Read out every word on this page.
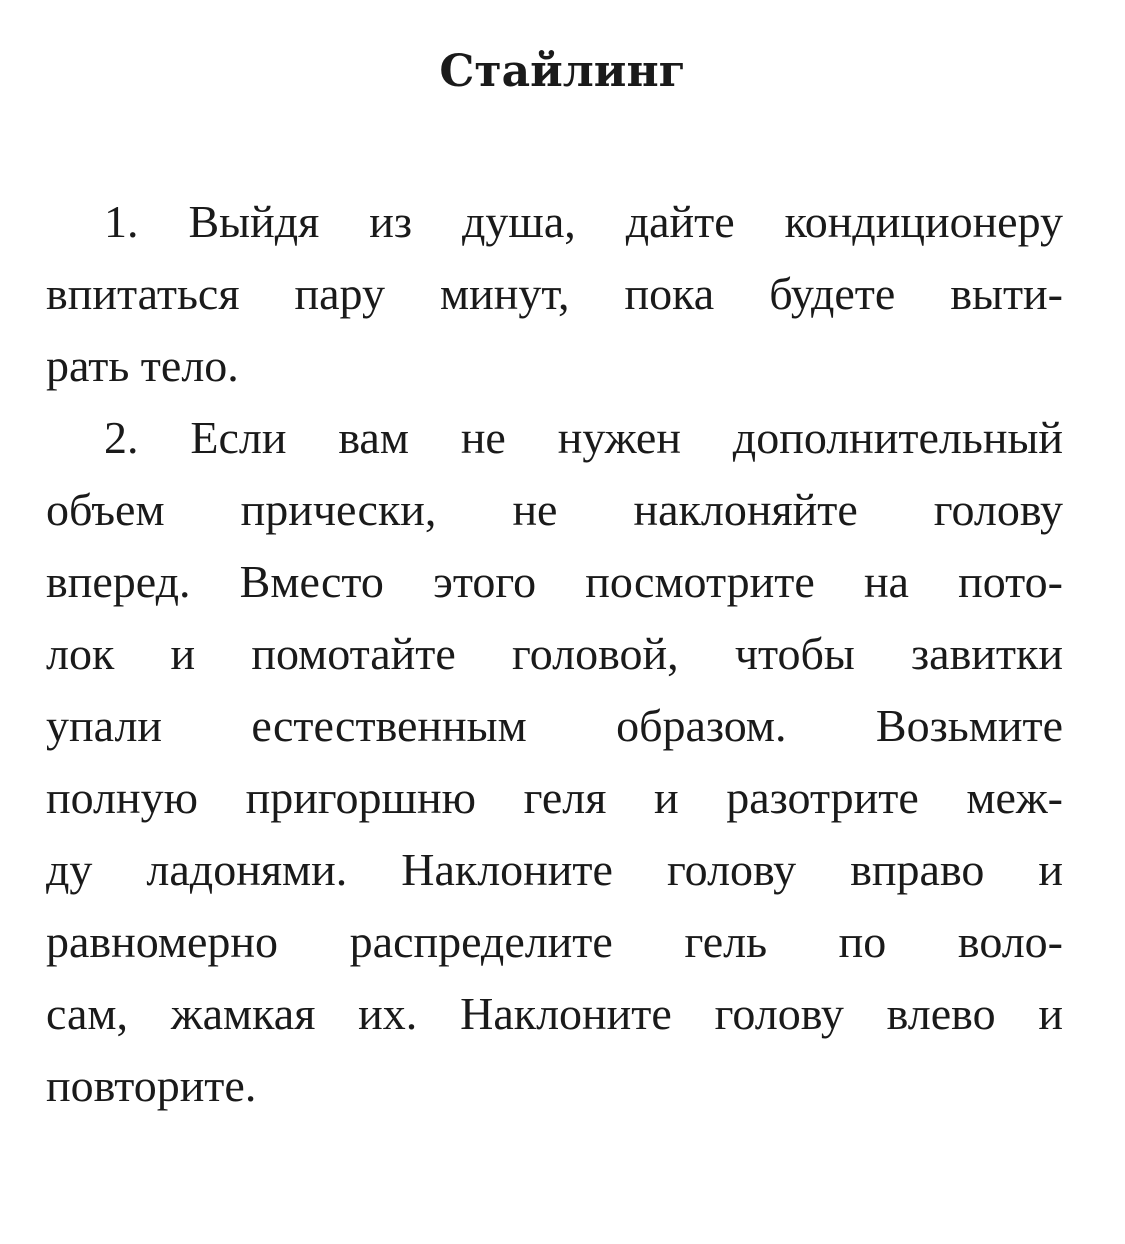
Стайлинг

1. Выйдя из душа, дайте кондиционеру

впитаться пару минут, пока будете выти-

рать тело.

2. Если вам не нужен дополнительный

объем прически, не наклоняйте голову

вперед. Вместо этого посмотрите на пото-

лок и помотайте головой, чтобы завитки

упали естественным образом. Возьмите

полную пригоршню геля и разотрите меж-

ду ладонями. Наклоните голову вправо и

равномерно распределите гель по воло-

сам, жамкая их. Наклоните голову влево и

повторите.
